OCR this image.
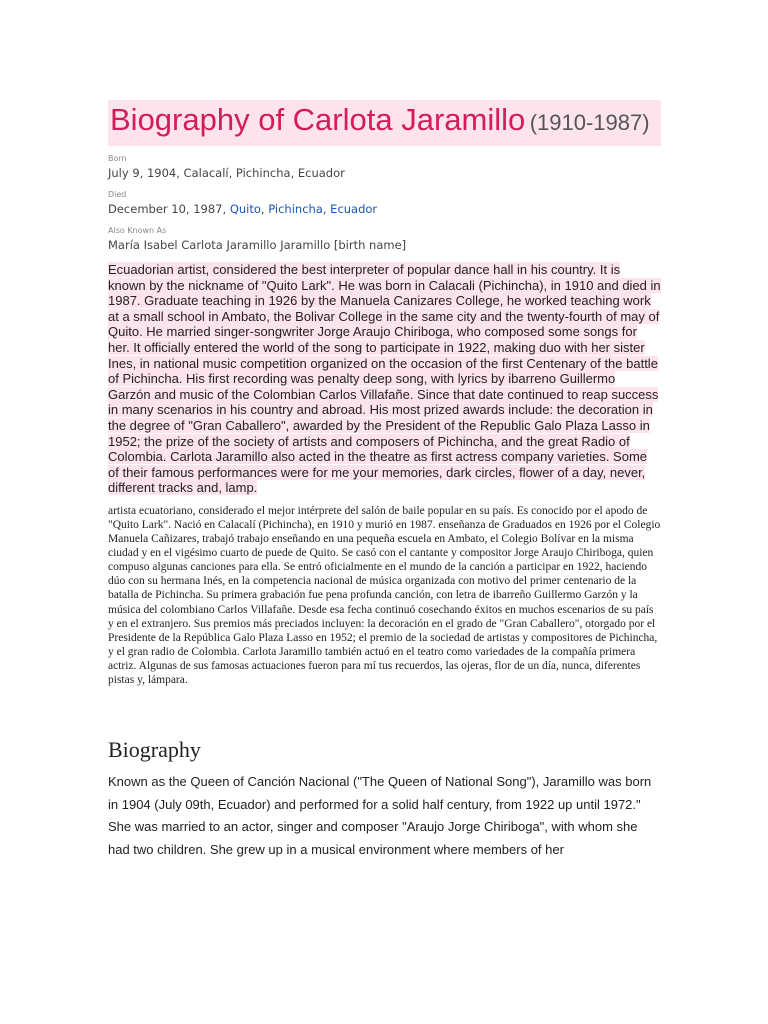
Biography of Carlota Jaramillo (1910-1987)
Born
July 9, 1904, Calacalí, Pichincha, Ecuador
Died
December 10, 1987, Quito, Pichincha, Ecuador
Also Known As
María Isabel Carlota Jaramillo Jaramillo [birth name]
Ecuadorian artist, considered the best interpreter of popular dance hall in his country. It is known by the nickname of "Quito Lark". He was born in Calacali (Pichincha), in 1910 and died in 1987. Graduate teaching in 1926 by the Manuela Canizares College, he worked teaching work at a small school in Ambato, the Bolivar College in the same city and the twenty-fourth of may of Quito. He married singer-songwriter Jorge Araujo Chiriboga, who composed some songs for her. It officially entered the world of the song to participate in 1922, making duo with her sister Ines, in national music competition organized on the occasion of the first Centenary of the battle of Pichincha. His first recording was penalty deep song, with lyrics by ibarreno Guillermo Garzón and music of the Colombian Carlos Villafañe. Since that date continued to reap success in many scenarios in his country and abroad. His most prized awards include: the decoration in the degree of "Gran Caballero", awarded by the President of the Republic Galo Plaza Lasso in 1952; the prize of the society of artists and composers of Pichincha, and the great Radio of Colombia. Carlota Jaramillo also acted in the theatre as first actress company varieties. Some of their famous performances were for me your memories, dark circles, flower of a day, never, different tracks and, lamp.
artista ecuatoriano, considerado el mejor intérprete del salón de baile popular en su país. Es conocido por el apodo de "Quito Lark". Nació en Calacalí (Pichincha), en 1910 y murió en 1987. enseñanza de Graduados en 1926 por el Colegio Manuela Cañizares, trabajó trabajo enseñando en una pequeña escuela en Ambato, el Colegio Bolívar en la misma ciudad y en el vigésimo cuarto de puede de Quito. Se casó con el cantante y compositor Jorge Araujo Chiriboga, quien compuso algunas canciones para ella. Se entró oficialmente en el mundo de la canción a participar en 1922, haciendo dúo con su hermana Inés, en la competencia nacional de música organizada con motivo del primer centenario de la batalla de Pichincha. Su primera grabación fue pena profunda canción, con letra de ibarreño Guillermo Garzón y la música del colombiano Carlos Villafañe. Desde esa fecha continuó cosechando éxitos en muchos escenarios de su país y en el extranjero. Sus premios más preciados incluyen: la decoración en el grado de "Gran Caballero", otorgado por el Presidente de la República Galo Plaza Lasso en 1952; el premio de la sociedad de artistas y compositores de Pichincha, y el gran radio de Colombia. Carlota Jaramillo también actuó en el teatro como variedades de la compañía primera actriz. Algunas de sus famosas actuaciones fueron para mí tus recuerdos, las ojeras, flor de un día, nunca, diferentes pistas y, lámpara.
Biography
Known as the Queen of Canción Nacional ("The Queen of National Song"), Jaramillo was born in 1904 (July 09th, Ecuador) and performed for a solid half century, from 1922 up until 1972." She was married to an actor, singer and composer "Araujo Jorge Chiriboga", with whom she had two children. She grew up in a musical environment where members of her
